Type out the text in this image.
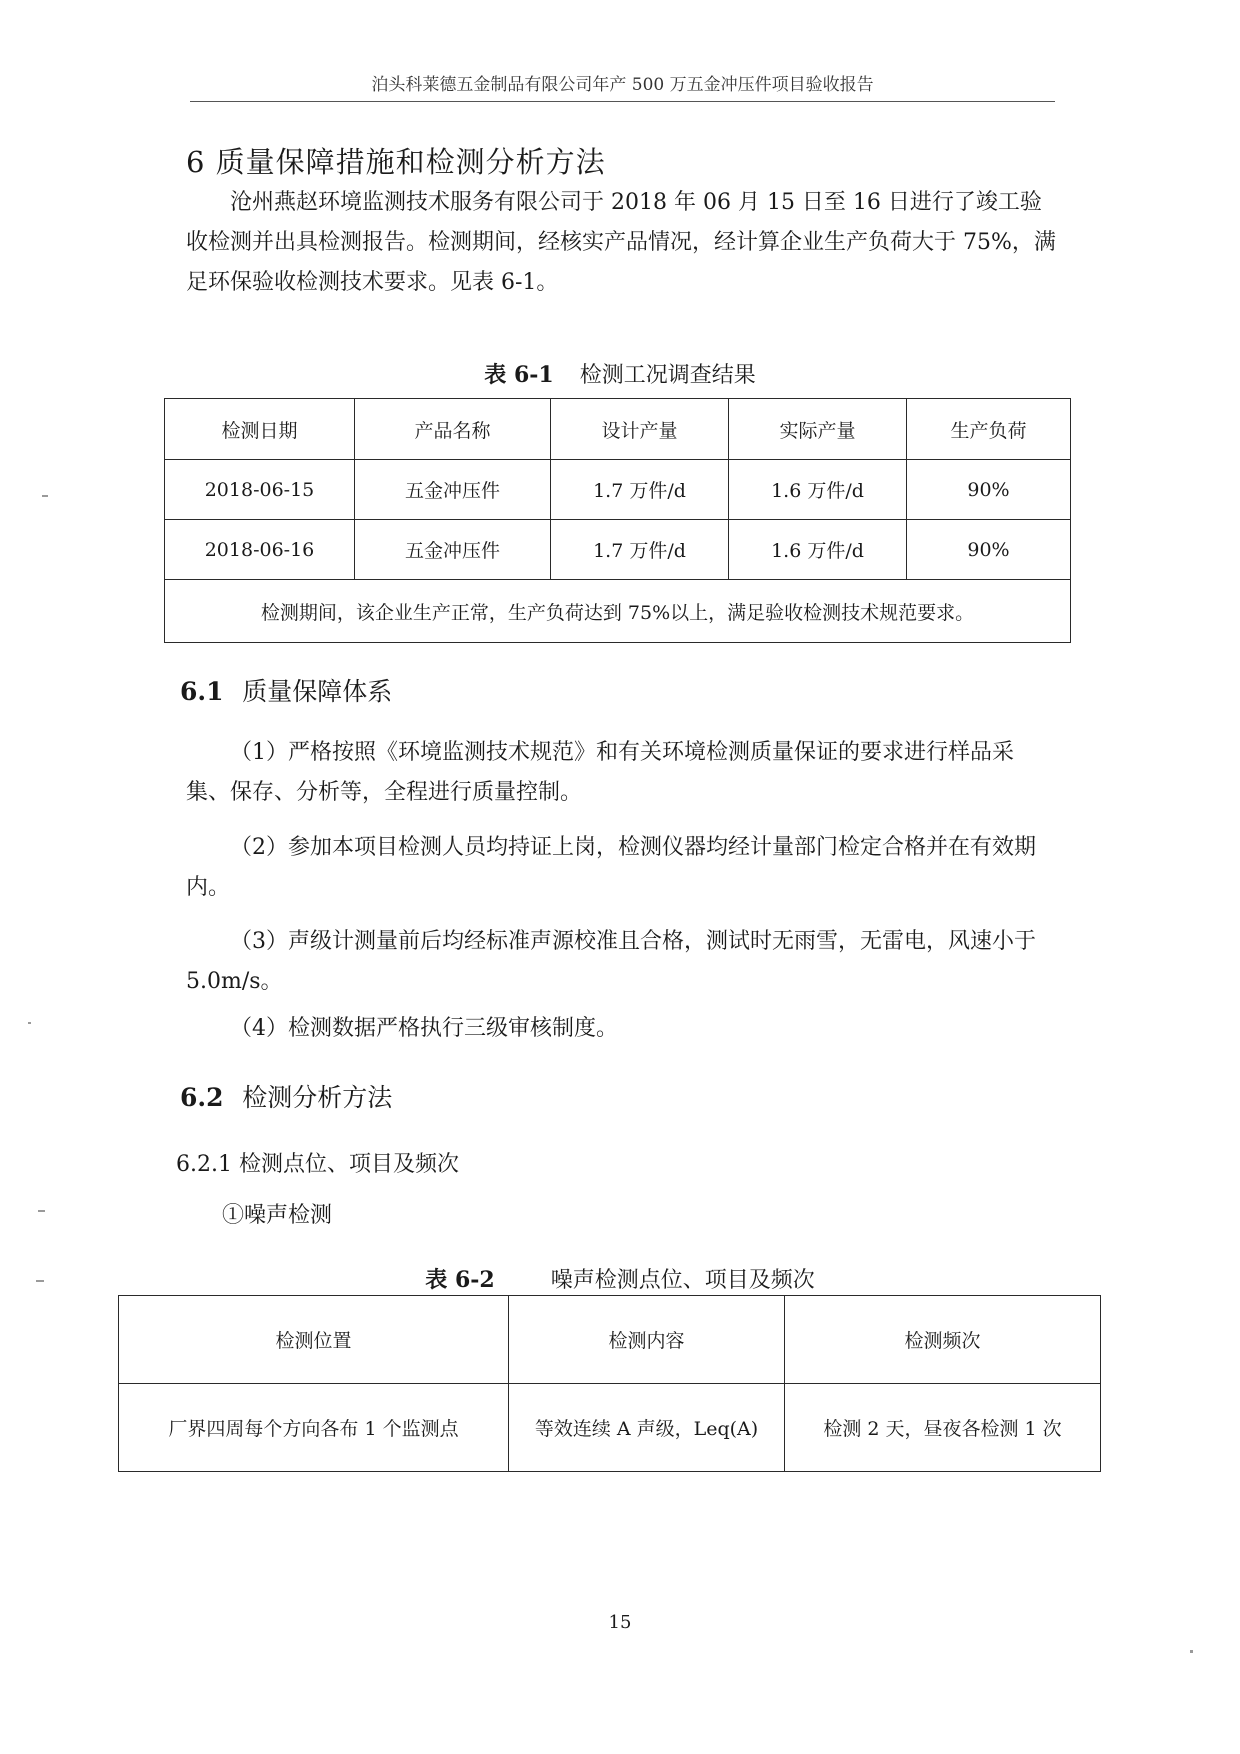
泊头科莱德五金制品有限公司年产 500 万五金冲压件项目验收报告
6 质量保障措施和检测分析方法

沧州燕赵环境监测技术服务有限公司于 2018 年 06 月 15 日至 16 日进行了竣工验收检测并出具检测报告。检测期间，经核实产品情况，经计算企业生产负荷大于 75%，满足环保验收检测技术要求。见表 6-1。

表 6-1 检测工况调查结果
检测日期	产品名称	设计产量	实际产量	生产负荷
2018-06-15	五金冲压件	1.7 万件/d	1.6 万件/d	90%
2018-06-16	五金冲压件	1.7 万件/d	1.6 万件/d	90%
检测期间，该企业生产正常，生产负荷达到 75%以上，满足验收检测技术规范要求。				
6.1 质量保障体系

（1）严格按照《环境监测技术规范》和有关环境检测质量保证的要求进行样品采集、保存、分析等，全程进行质量控制。

（2）参加本项目检测人员均持证上岗，检测仪器均经计量部门检定合格并在有效期内。

（3）声级计测量前后均经标准声源校准且合格，测试时无雨雪，无雷电，风速小于 5.0m/s。

（4）检测数据严格执行三级审核制度。

6.2 检测分析方法
6.2.1 检测点位、项目及频次
①噪声检测
表 6-2	噪声检测点位、项目及频次
检测位置	检测内容	检测频次
厂界四周每个方向各布 1 个监测点	等效连续 A 声级，Leq(A)	检测 2 天，昼夜各检测 1 次
15
